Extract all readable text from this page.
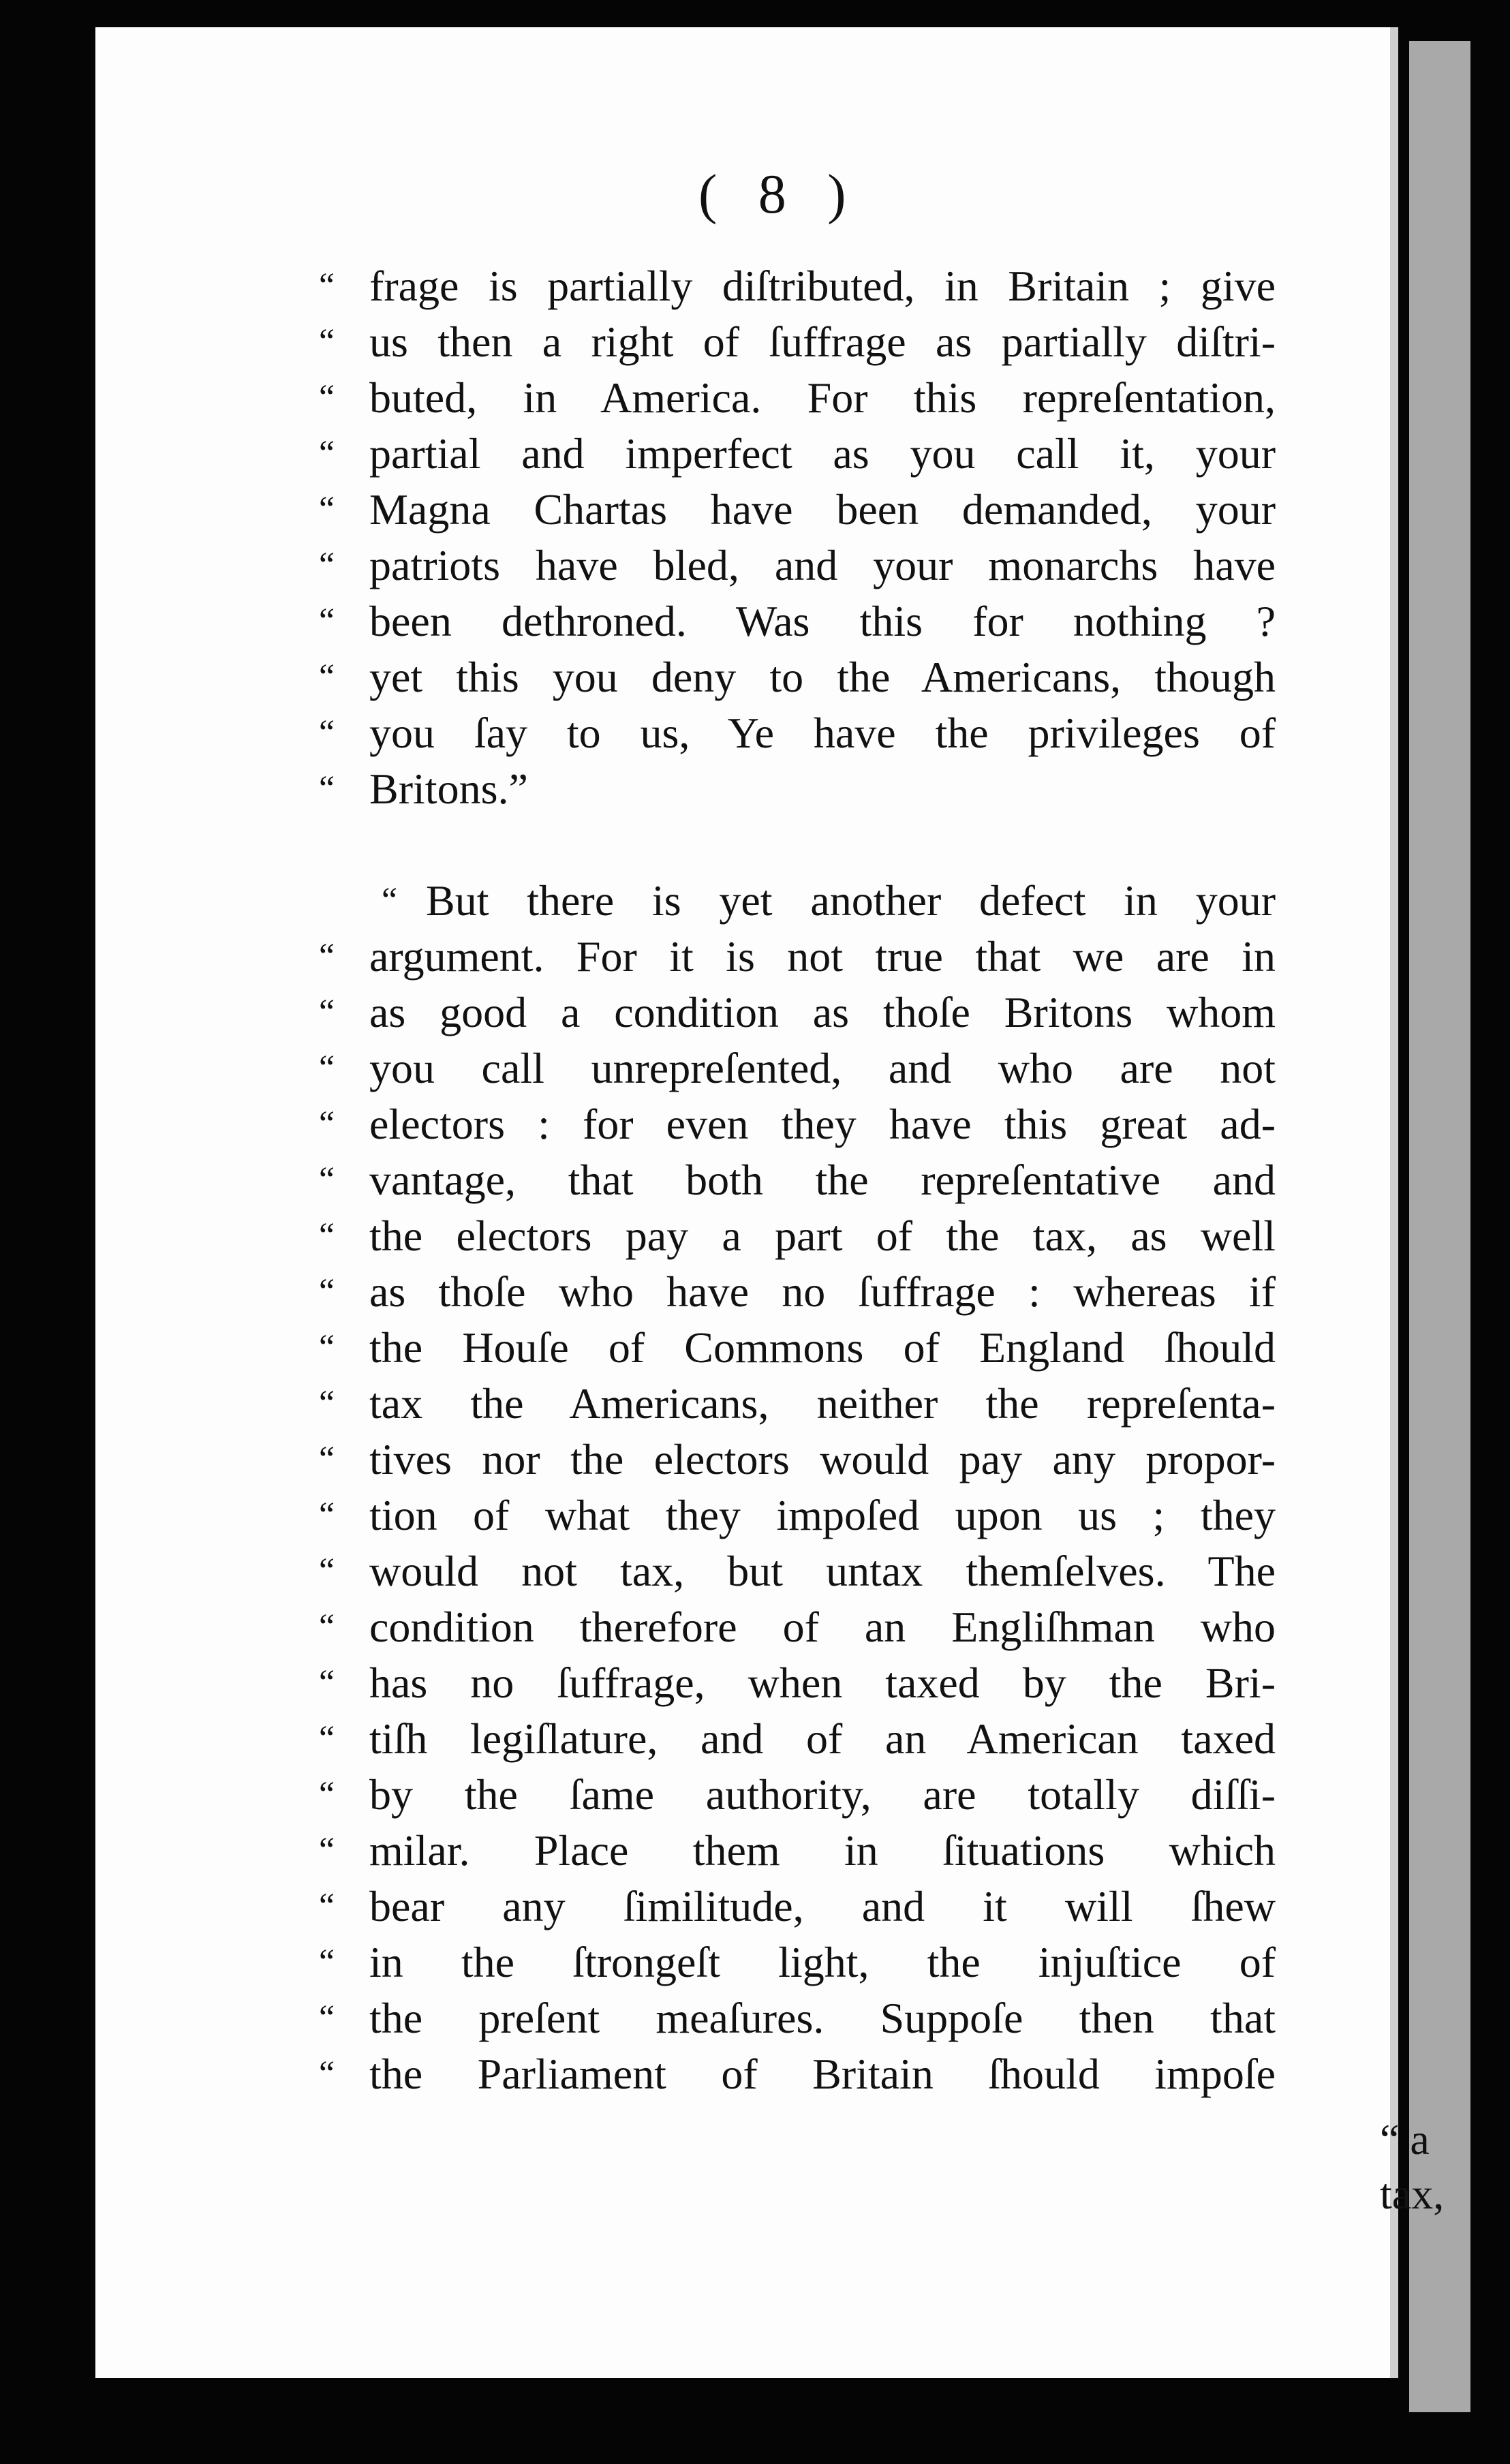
( 8 )
“ frage is partially diſtributed, in Britain ; give
“ us then a right of ſuffrage as partially diſtri-
“ buted, in America. For this repreſentation,
“ partial and imperfect as you call it, your
“ Magna Chartas have been demanded, your
“ patriots have bled, and your monarchs have
“ been dethroned. Was this for nothing ?
“ yet this you deny to the Americans, though
“ you ſay to us, Ye have the privileges of
“ Britons.”
“ But there is yet another defect in your
“ argument. For it is not true that we are in
“ as good a condition as thoſe Britons whom
“ you call unrepreſented, and who are not
“ electors : for even they have this great ad-
“ vantage, that both the repreſentative and
“ the electors pay a part of the tax, as well
“ as thoſe who have no ſuffrage : whereas if
“ the Houſe of Commons of England ſhould
“ tax the Americans, neither the repreſenta-
“ tives nor the electors would pay any propor-
“ tion of what they impoſed upon us ; they
“ would not tax, but untax themſelves. The
“ condition therefore of an Engliſhman who
“ has no ſuffrage, when taxed by the Bri-
“ tiſh legiſlature, and of an American taxed
“ by the ſame authority, are totally diſſi-
“ milar. Place them in ſituations which
“ bear any ſimilitude, and it will ſhew
“ in the ſtrongeſt light, the injuſtice of
“ the preſent meaſures. Suppoſe then that
“ the Parliament of Britain ſhould impoſe
“ a tax,
